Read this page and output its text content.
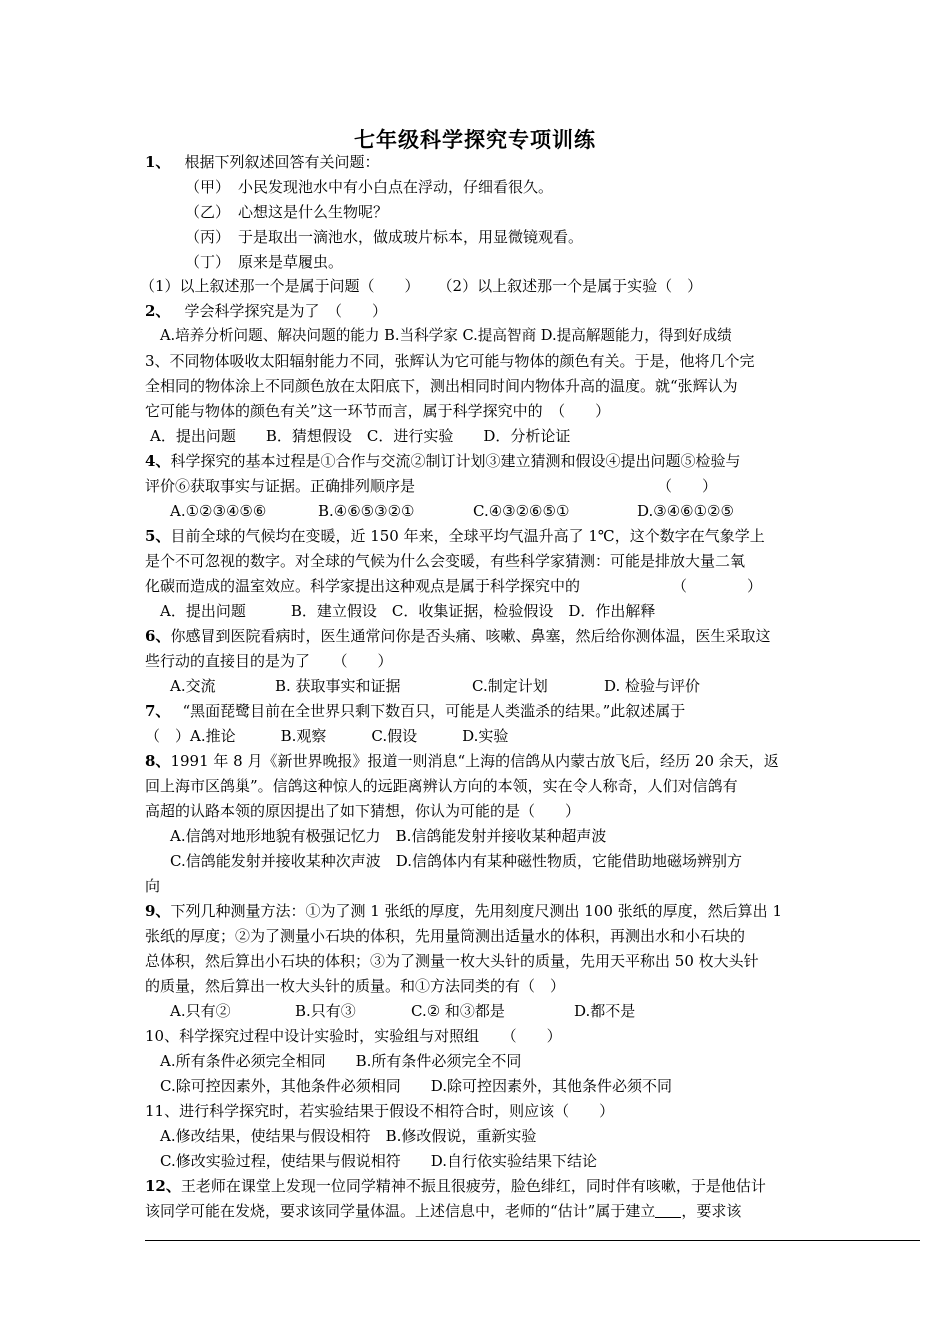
七年级科学探究专项训练
1、 根据下列叙述回答有关问题：
（甲） 小民发现池水中有小白点在浮动，仔细看很久。
（乙） 心想这是什么生物呢？
（丙） 于是取出一滴池水，做成玻片标本，用显微镜观看。
（丁） 原来是草履虫。
（1）以上叙述那一个是属于问题（　　） （2）以上叙述那一个是属于实验（　）
2、 学会科学探究是为了　（　　）
A.培养分析问题、解决问题的能力 B.当科学家 C.提高智商 D.提高解题能力，得到好成绩
3、不同物体吸收太阳辐射能力不同，张辉认为它可能与物体的颜色有关。于是，他将几个完
全相同的物体涂上不同颜色放在太阳底下，测出相同时间内物体升高的温度。就“张辉认为
它可能与物体的颜色有关”这一环节而言，属于科学探究中的　（　　）
A．提出问题　　B．猜想假设　C．进行实验　　D．分析论证
4、科学探究的基本过程是①合作与交流②制订计划③建立猜测和假设④提出问题⑤检验与
评价⑥获取事实与证据。正确排列顺序是	（　　）
A.①②③④⑤⑥	B.④⑥⑤③②①	C.④③②⑥⑤①	D.③④⑥①②⑤
5、目前全球的气候均在变暖，近 150 年来，全球平均气温升高了 1℃，这个数字在气象学上
是个不可忽视的数字。对全球的气候为什么会变暖，有些科学家猜测：可能是排放大量二氧
化碳而造成的温室效应。科学家提出这种观点是属于科学探究中的	（　　　　）
A．提出问题　　　B．建立假设　C．收集证据，检验假设　D．作出解释
6、你感冒到医院看病时，医生通常问你是否头痛、咳嗽、鼻塞，然后给你测体温，医生采取这
些行动的直接目的是为了　　（　　）
A.交流	B. 获取事实和证据	C.制定计划	D. 检验与评价
7、 “黑面琵鹭目前在全世界只剩下数百只，可能是人类滥杀的结果。”此叙述属于
（　）A.推论　　　B.观察　　　C.假设　　　D.实验
8、1991 年 8 月《新世界晚报》报道一则消息“上海的信鸽从内蒙古放飞后，经历 20 余天，返
回上海市区鸽巢”。信鸽这种惊人的远距离辨认方向的本领，实在令人称奇，人们对信鸽有
高超的认路本领的原因提出了如下猜想，你认为可能的是（　　）
A.信鸽对地形地貌有极强记忆力　B.信鸽能发射并接收某种超声波
C.信鸽能发射并接收某种次声波　D.信鸽体内有某种磁性物质，它能借助地磁场辨别方
向
9、下列几种测量方法：①为了测 1 张纸的厚度，先用刻度尺测出 100 张纸的厚度，然后算出 1
张纸的厚度；②为了测量小石块的体积，先用量筒测出适量水的体积，再测出水和小石块的
总体积，然后算出小石块的体积；③为了测量一枚大头针的质量，先用天平称出 50 枚大头针
的质量，然后算出一枚大头针的质量。和①方法同类的有（　）
A.只有②	B.只有③	C.② 和③都是	D.都不是
10、科学探究过程中设计实验时，实验组与对照组　　（　　）
A.所有条件必须完全相同　　B.所有条件必须完全不同
C.除可控因素外，其他条件必须相同　　D.除可控因素外，其他条件必须不同
11、进行科学探究时，若实验结果于假设不相符合时，则应该（　　）
A.修改结果，使结果与假设相符　B.修改假说，重新实验
C.修改实验过程，使结果与假说相符　　D.自行依实验结果下结论
12、王老师在课堂上发现一位同学精神不振且很疲劳，脸色绯红，同时伴有咳嗽，于是他估计
该同学可能在发烧，要求该同学量体温。上述信息中，老师的“估计”属于建立 ，要求该
